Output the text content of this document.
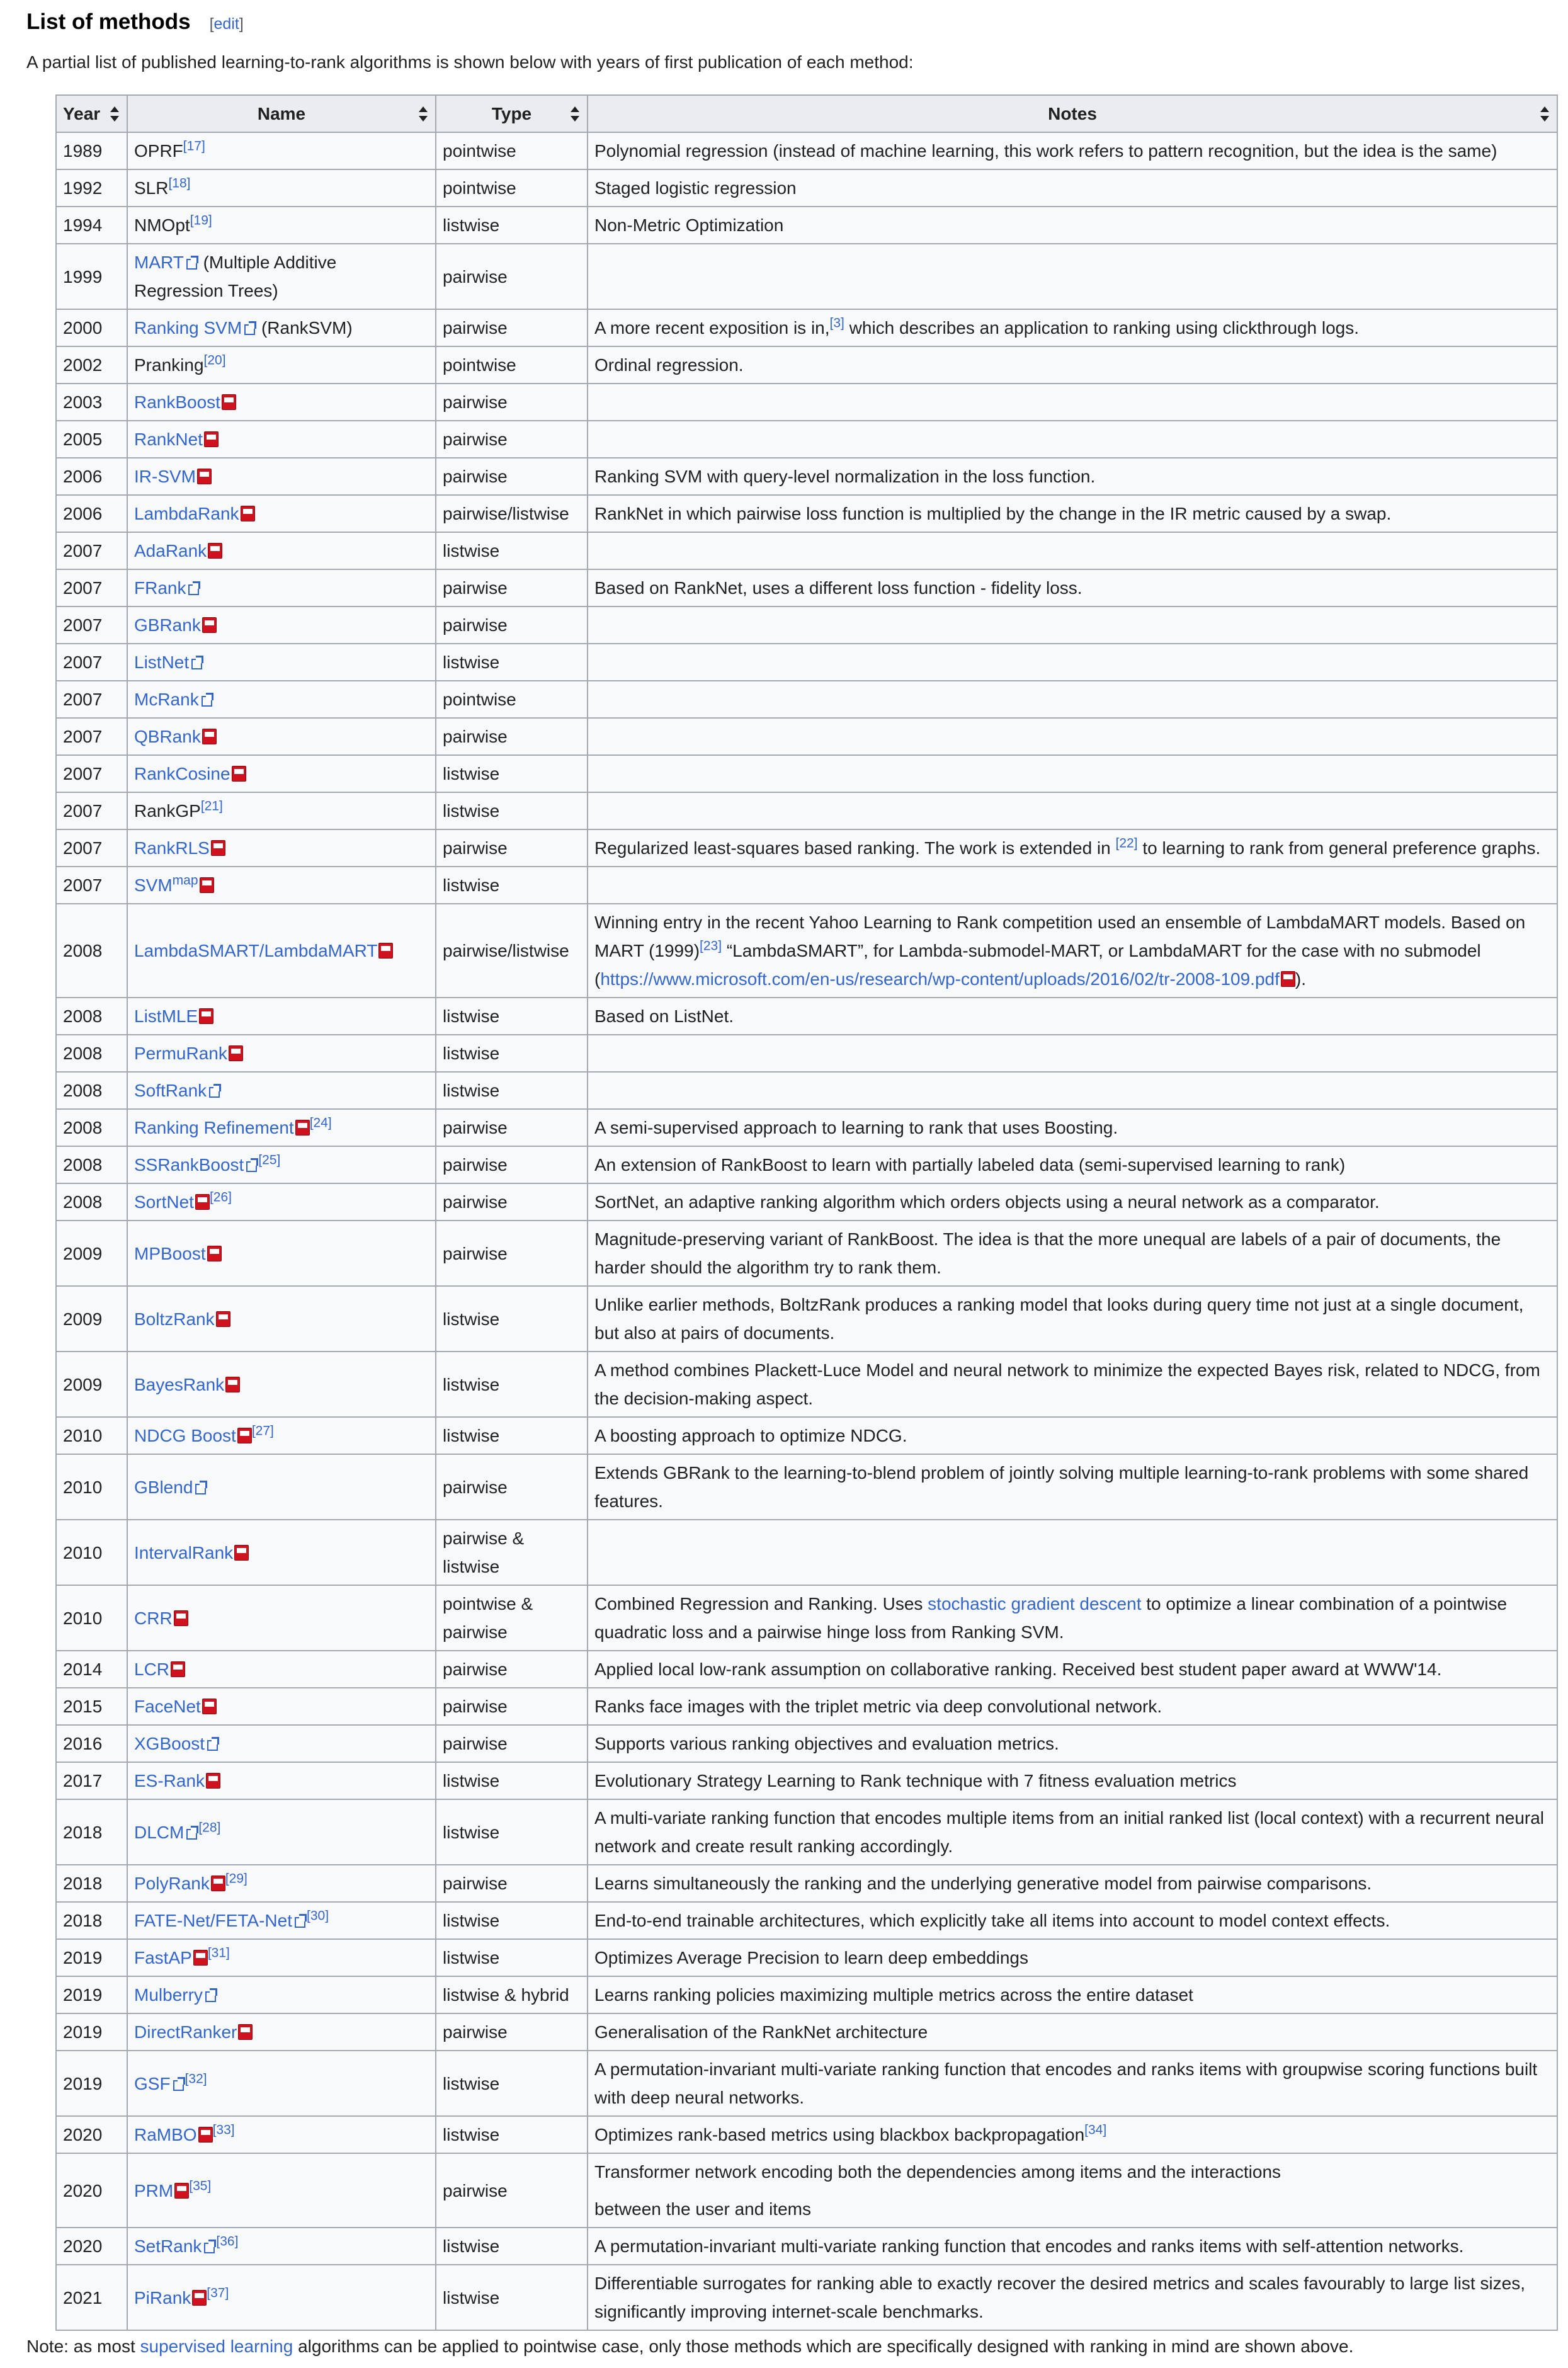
List of methods [edit]

A partial list of published learning-to-rank algorithms is shown below with years of first publication of each method:

Year	Name	Type	Notes

1989	OPRF[17]	pointwise	Polynomial regression (instead of machine learning, this work refers to pattern recognition, but the idea is the same)
1992	SLR[18]	pointwise	Staged logistic regression
1994	NMOpt[19]	listwise	Non-Metric Optimization
1999	MART (Multiple Additive Regression Trees)	pairwise	
2000	Ranking SVM (RankSVM)	pairwise	A more recent exposition is in,[3] which describes an application to ranking using clickthrough logs.
2002	Pranking[20]	pointwise	Ordinal regression.
2003	RankBoost	pairwise	
2005	RankNet	pairwise	
2006	IR-SVM	pairwise	Ranking SVM with query-level normalization in the loss function.
2006	LambdaRank	pairwise/listwise	RankNet in which pairwise loss function is multiplied by the change in the IR metric caused by a swap.
2007	AdaRank	listwise	
2007	FRank	pairwise	Based on RankNet, uses a different loss function - fidelity loss.
2007	GBRank	pairwise	
2007	ListNet	listwise	
2007	McRank	pointwise	
2007	QBRank	pairwise	
2007	RankCosine	listwise	
2007	RankGP[21]	listwise	
2007	RankRLS	pairwise	Regularized least-squares based ranking. The work is extended in [22] to learning to rank from general preference graphs.
2007	SVM$^{map}$	listwise	
2008	LambdaSMART/LambdaMART	pairwise/listwise	Winning entry in the recent Yahoo Learning to Rank competition used an ensemble of LambdaMART models. Based on MART (1999)[23] “LambdaSMART”, for Lambda-submodel-MART, or LambdaMART for the case with no submodel (https://www.microsoft.com/en-us/research/wp-content/uploads/2016/02/tr-2008-109.pdf ).
2008	ListMLE	listwise	Based on ListNet.
2008	PermuRank	listwise	
2008	SoftRank	listwise	
2008	Ranking Refinement [24]	pairwise	A semi-supervised approach to learning to rank that uses Boosting.
2008	SSRankBoost [25]	pairwise	An extension of RankBoost to learn with partially labeled data (semi-supervised learning to rank)
2008	SortNet [26]	pairwise	SortNet, an adaptive ranking algorithm which orders objects using a neural network as a comparator.
2009	MPBoost	pairwise	Magnitude-preserving variant of RankBoost. The idea is that the more unequal are labels of a pair of documents, the harder should the algorithm try to rank them.
2009	BoltzRank	listwise	Unlike earlier methods, BoltzRank produces a ranking model that looks during query time not just at a single document, but also at pairs of documents.
2009	BayesRank	listwise	A method combines Plackett-Luce Model and neural network to minimize the expected Bayes risk, related to NDCG, from the decision-making aspect.
2010	NDCG Boost [27]	listwise	A boosting approach to optimize NDCG.
2010	GBlend	pairwise	Extends GBRank to the learning-to-blend problem of jointly solving multiple learning-to-rank problems with some shared features.
2010	IntervalRank	pairwise & listwise	
2010	CRR	pointwise & pairwise	Combined Regression and Ranking. Uses stochastic gradient descent to optimize a linear combination of a pointwise quadratic loss and a pairwise hinge loss from Ranking SVM.
2014	LCR	pairwise	Applied local low-rank assumption on collaborative ranking. Received best student paper award at WWW'14.
2015	FaceNet	pairwise	Ranks face images with the triplet metric via deep convolutional network.
2016	XGBoost	pairwise	Supports various ranking objectives and evaluation metrics.
2017	ES-Rank	listwise	Evolutionary Strategy Learning to Rank technique with 7 fitness evaluation metrics
2018	DLCM [28]	listwise	A multi-variate ranking function that encodes multiple items from an initial ranked list (local context) with a recurrent neural network and create result ranking accordingly.
2018	PolyRank [29]	pairwise	Learns simultaneously the ranking and the underlying generative model from pairwise comparisons.
2018	FATE-Net/FETA-Net [30]	listwise	End-to-end trainable architectures, which explicitly take all items into account to model context effects.
2019	FastAP [31]	listwise	Optimizes Average Precision to learn deep embeddings
2019	Mulberry	listwise & hybrid	Learns ranking policies maximizing multiple metrics across the entire dataset
2019	DirectRanker	pairwise	Generalisation of the RankNet architecture
2019	GSF [32]	listwise	A permutation-invariant multi-variate ranking function that encodes and ranks items with groupwise scoring functions built with deep neural networks.
2020	RaMBO [33]	listwise	Optimizes rank-based metrics using blackbox backpropagation[34]
2020	PRM [35]	pairwise	Transformer network encoding both the dependencies among items and the interactions
between the user and items
2020	SetRank [36]	listwise	A permutation-invariant multi-variate ranking function that encodes and ranks items with self-attention networks.
2021	PiRank [37]	listwise	Differentiable surrogates for ranking able to exactly recover the desired metrics and scales favourably to large list sizes, significantly improving internet-scale benchmarks.

Note: as most supervised learning algorithms can be applied to pointwise case, only those methods which are specifically designed with ranking in mind are shown above.
